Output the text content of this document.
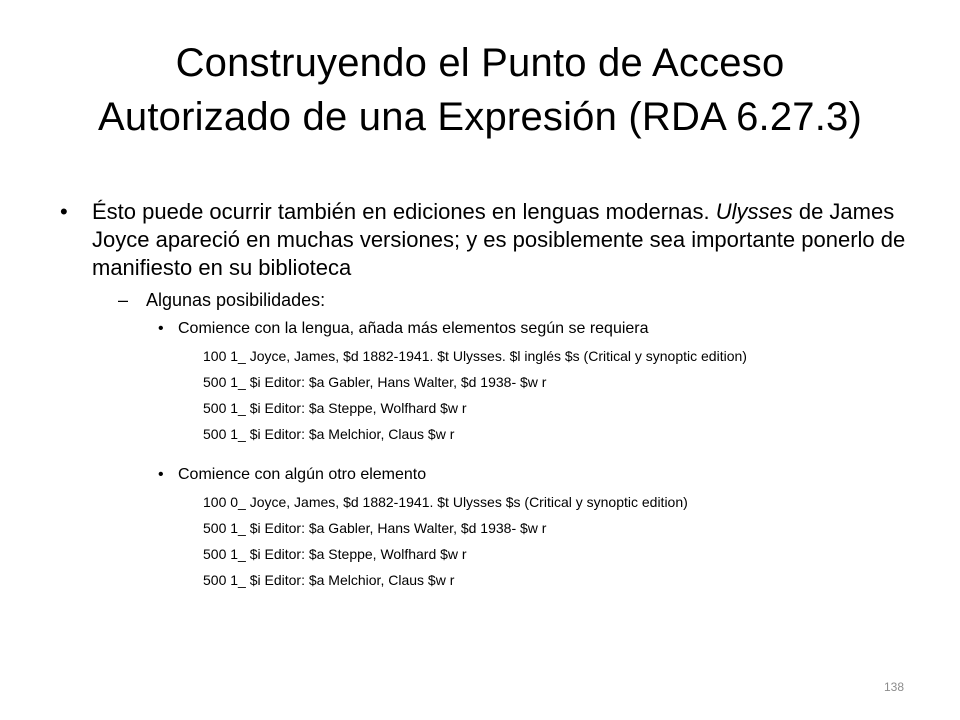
Construyendo el Punto de Acceso
Autorizado de una Expresión (RDA 6.27.3)
• Ésto puede ocurrir también en ediciones en lenguas modernas. Ulysses de James Joyce apareció en muchas versiones; y es posiblemente sea importante ponerlo de manifiesto en su biblioteca
– Algunas posibilidades:
• Comience con la lengua, añada más elementos según se requiera
100 1_ Joyce, James, $d 1882-1941. $t Ulysses. $l inglés $s (Critical y synoptic edition)
500 1_ $i Editor: $a Gabler, Hans Walter, $d 1938- $w r
500 1_ $i Editor: $a Steppe, Wolfhard $w r
500 1_ $i Editor: $a Melchior, Claus $w r
• Comience con algún otro elemento
100 0_ Joyce, James, $d 1882-1941. $t Ulysses $s (Critical y synoptic edition)
500 1_ $i Editor: $a Gabler, Hans Walter, $d 1938- $w r
500 1_ $i Editor: $a Steppe, Wolfhard $w r
500 1_ $i Editor: $a Melchior, Claus $w r
138
